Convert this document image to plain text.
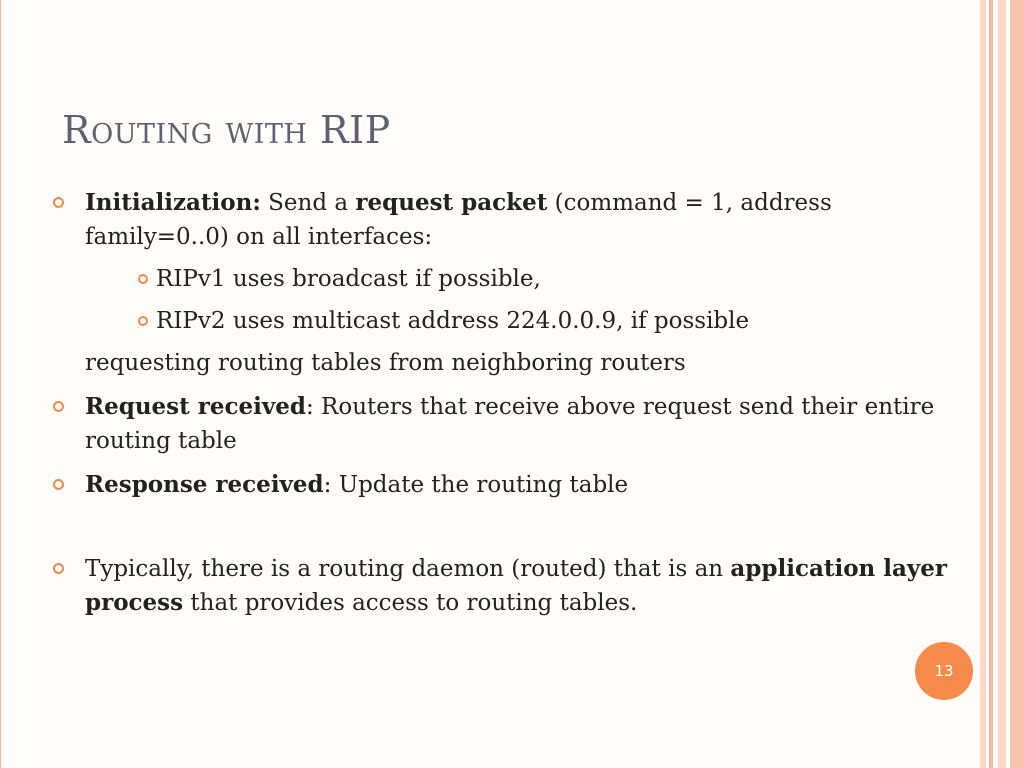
Routing with RIP

Initialization: Send a request packet (command = 1, address family=0..0) on all interfaces:

RIPv1 uses broadcast if possible,

RIPv2 uses multicast address 224.0.0.9, if possible

requesting routing tables from neighboring routers

Request received: Routers that receive above request send their entire routing table

Response received: Update the routing table

Typically, there is a routing daemon (routed) that is an application layer process that provides access to routing tables.

13
